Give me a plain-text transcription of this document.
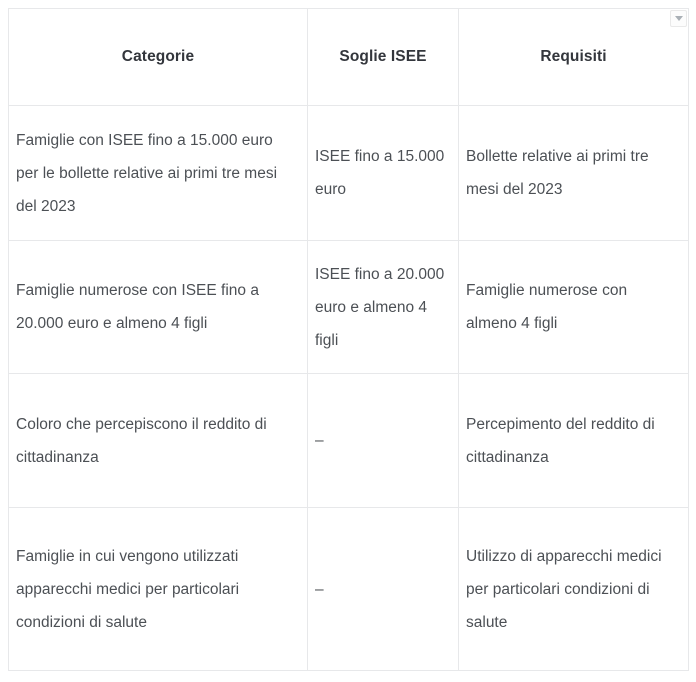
Categorie	Soglie ISEE	Requisiti
Famiglie con ISEE fino a 15.000 euro per le bollette relative ai primi tre mesi del 2023	ISEE fino a 15.000 euro	Bollette relative ai primi tre mesi del 2023
Famiglie numerose con ISEE fino a 20.000 euro e almeno 4 figli	ISEE fino a 20.000 euro e almeno 4 figli	Famiglie numerose con almeno 4 figli
Coloro che percepiscono il reddito di cittadinanza	–	Percepimento del reddito di cittadinanza
Famiglie in cui vengono utilizzati apparecchi medici per particolari condizioni di salute	–	Utilizzo di apparecchi medici per particolari condizioni di salute
